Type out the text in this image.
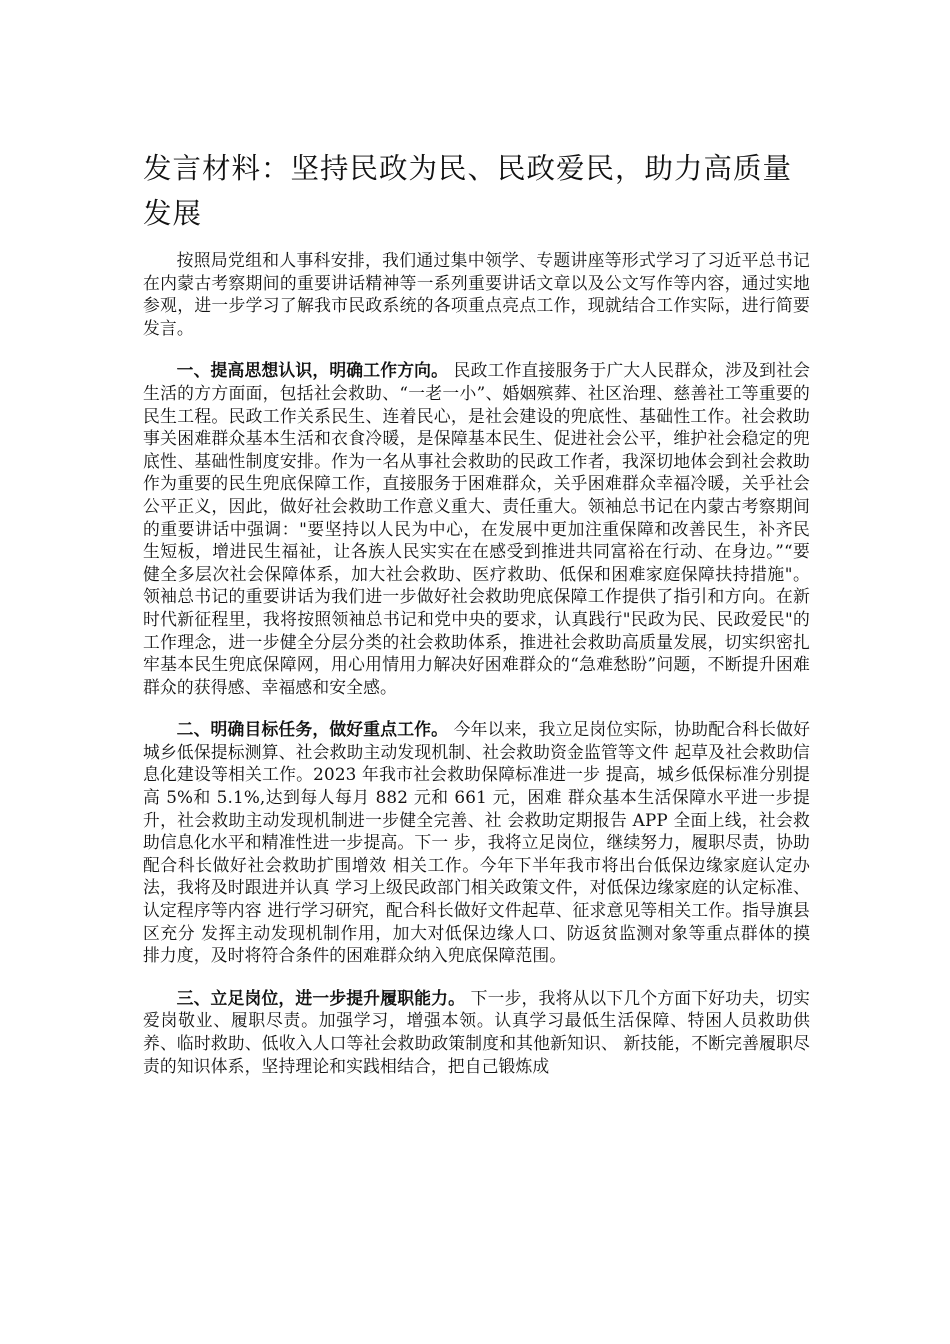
发言材料：坚持民政为民、民政爱民，助力高质量发展

按照局党组和人事科安排，我们通过集中领学、专题讲座等形式学习了习近平总书记在内蒙古考察期间的重要讲话精神等一系列重要讲话文章以及公文写作等内容，通过实地参观，进一步学习了解我市民政系统的各项重点亮点工作，现就结合工作实际，进行简要发言。

一、提高思想认识，明确工作方向。 民政工作直接服务于广大人民群众，涉及到社会生活的方方面面，包括社会救助、“一老一小”、婚姻殡葬、社区治理、慈善社工等重要的民生工程。民政工作关系民生、连着民心，是社会建设的兜底性、基础性工作。社会救助事关困难群众基本生活和衣食冷暖，是保障基本民生、促进社会公平，维护社会稳定的兜底性、基础性制度安排。作为一名从事社会救助的民政工作者，我深切地体会到社会救助作为重要的民生兜底保障工作，直接服务于困难群众，关乎困难群众幸福冷暖，关乎社会公平正义，因此，做好社会救助工作意义重大、责任重大。领袖总书记在内蒙古考察期间的重要讲话中强调："要坚持以人民为中心，在发展中更加注重保障和改善民生，补齐民生短板，增进民生福祉，让各族人民实实在在感受到推进共同富裕在行动、在身边。”“要健全多层次社会保障体系，加大社会救助、医疗救助、低保和困难家庭保障扶持措施"。领袖总书记的重要讲话为我们进一步做好社会救助兜底保障工作提供了指引和方向。在新时代新征程里，我将按照领袖总书记和党中央的要求，认真践行"民政为民、民政爱民"的工作理念，进一步健全分层分类的社会救助体系，推进社会救助高质量发展，切实织密扎牢基本民生兜底保障网，用心用情用力解决好困难群众的“急难愁盼”问题，不断提升困难群众的获得感、幸福感和安全感。

二、明确目标任务，做好重点工作。 今年以来，我立足岗位实际，协助配合科长做好城乡低保提标测算、社会救助主动发现机制、社会救助资金监管等文件 起草及社会救助信息化建设等相关工作。2023 年我市社会救助保障标准进一步 提高，城乡低保标准分别提高 5%和 5.1%,达到每人每月 882 元和 661 元，困难 群众基本生活保障水平进一步提升，社会救助主动发现机制进一步健全完善、社 会救助定期报告 APP 全面上线，社会救助信息化水平和精准性进一步提高。下一 步，我将立足岗位，继续努力，履职尽责，协助配合科长做好社会救助扩围增效 相关工作。今年下半年我市将出台低保边缘家庭认定办法，我将及时跟进并认真 学习上级民政部门相关政策文件，对低保边缘家庭的认定标准、认定程序等内容 进行学习研究，配合科长做好文件起草、征求意见等相关工作。指导旗县区充分 发挥主动发现机制作用，加大对低保边缘人口、防返贫监测对象等重点群体的摸 排力度，及时将符合条件的困难群众纳入兜底保障范围。

三、立足岗位，进一步提升履职能力。 下一步，我将从以下几个方面下好功夫，切实爱岗敬业、履职尽责。加强学习，增强本领。认真学习最低生活保障、特困人员救助供养、临时救助、低收入人口等社会救助政策制度和其他新知识、 新技能，不断完善履职尽责的知识体系，坚持理论和实践相结合，把自己锻炼成
